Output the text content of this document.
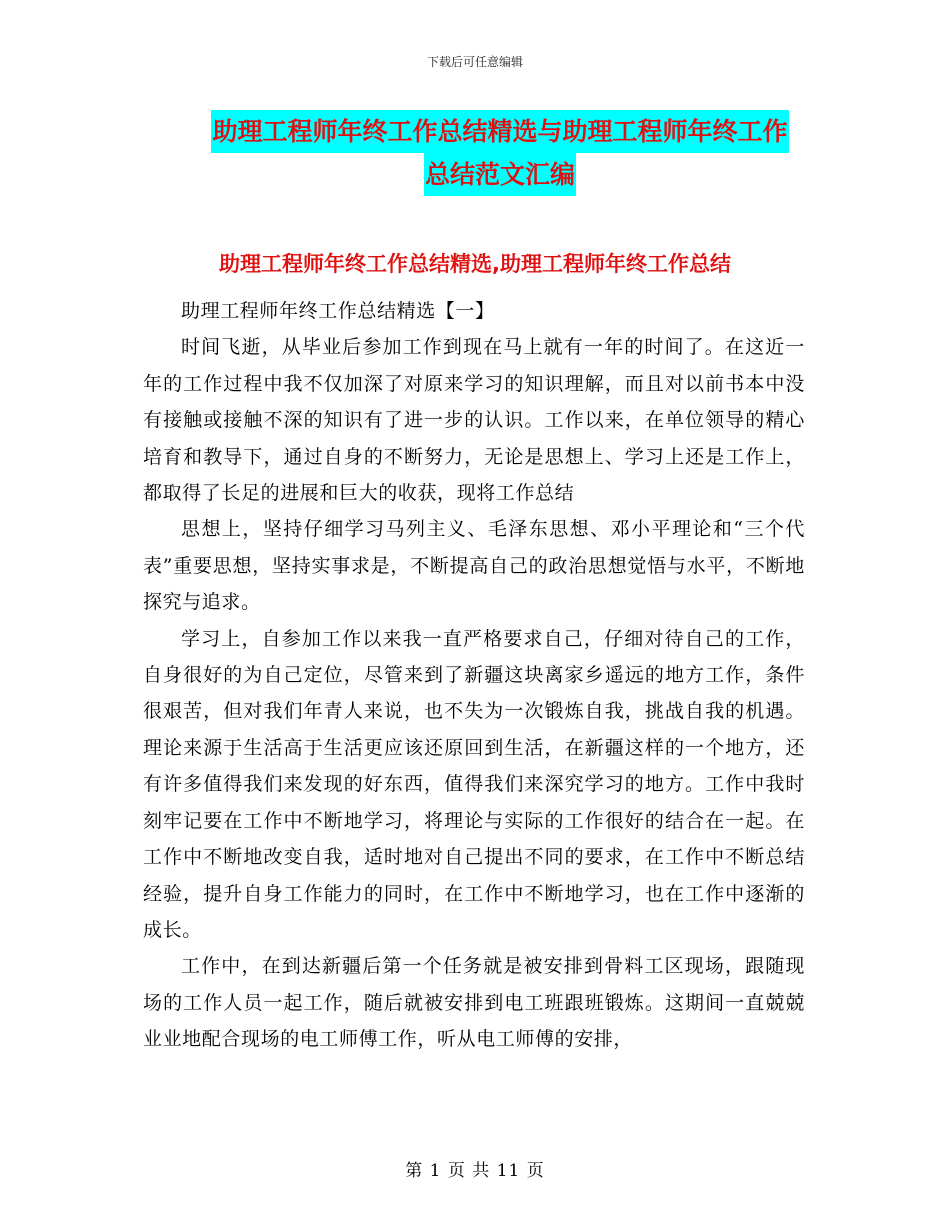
下载后可任意编辑
助理工程师年终工作总结精选与助理工程师年终工作
总结范文汇编
助理工程师年终工作总结精选,助理工程师年终工作总结

助理工程师年终工作总结精选【一】

时间飞逝，从毕业后参加工作到现在马上就有一年的时间了。在这近一年的工作过程中我不仅加深了对原来学习的知识理解，而且对以前书本中没有接触或接触不深的知识有了进一步的认识。工作以来，在单位领导的精心培育和教导下，通过自身的不断努力，无论是思想上、学习上还是工作上，都取得了长足的进展和巨大的收获，现将工作总结

思想上，坚持仔细学习马列主义、毛泽东思想、邓小平理论和“三个代表”重要思想，坚持实事求是，不断提高自己的政治思想觉悟与水平，不断地探究与追求。

学习上，自参加工作以来我一直严格要求自己，仔细对待自己的工作，自身很好的为自己定位，尽管来到了新疆这块离家乡遥远的地方工作，条件很艰苦，但对我们年青人来说，也不失为一次锻炼自我，挑战自我的机遇。理论来源于生活高于生活更应该还原回到生活，在新疆这样的一个地方，还有许多值得我们来发现的好东西，值得我们来深究学习的地方。工作中我时刻牢记要在工作中不断地学习，将理论与实际的工作很好的结合在一起。在工作中不断地改变自我，适时地对自己提出不同的要求，在工作中不断总结经验，提升自身工作能力的同时，在工作中不断地学习，也在工作中逐渐的成长。

工作中，在到达新疆后第一个任务就是被安排到骨料工区现场，跟随现场的工作人员一起工作，随后就被安排到电工班跟班锻炼。这期间一直兢兢业业地配合现场的电工师傅工作，听从电工师傅的安排，

第 1 页 共 11 页
